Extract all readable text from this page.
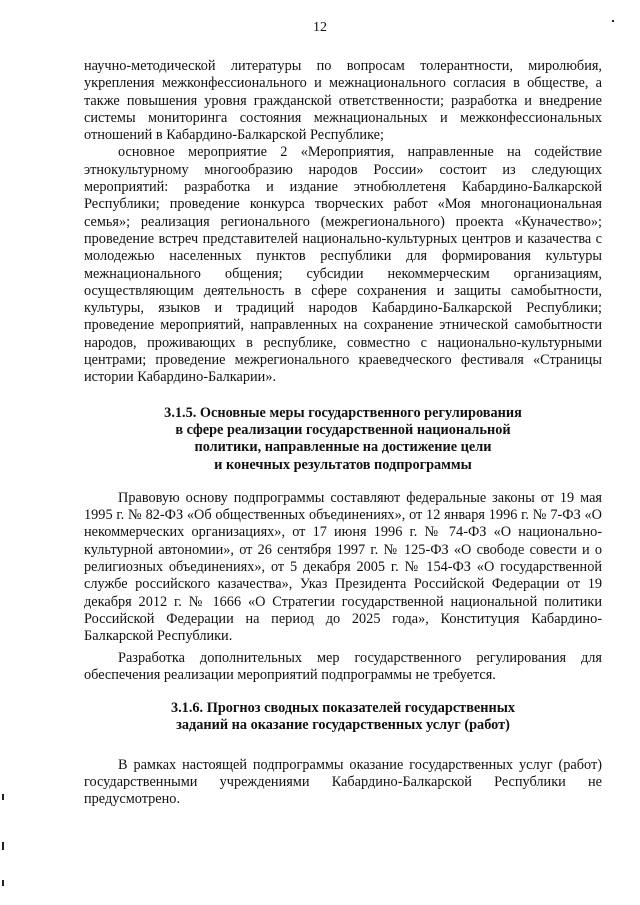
12

научно-методической литературы по вопросам толерантности, миролюбия, укрепления межконфессионального и межнационального согласия в обществе, а также повышения уровня гражданской ответственности; разработка и внедрение системы мониторинга состояния межнациональных и межконфессиональных отношений в Кабардино-Балкарской Республике;

основное мероприятие 2 «Мероприятия, направленные на содействие этнокультурному многообразию народов России» состоит из следующих мероприятий: разработка и издание этнобюллетеня Кабардино-Балкарской Республики; проведение конкурса творческих работ «Моя многонациональная семья»; реализация регионального (межрегионального) проекта «Куначество»; проведение встреч представителей национально-культурных центров и казачества с молодежью населенных пунктов республики для формирования культуры межнационального общения; субсидии некоммерческим организациям, осуществляющим деятельность в сфере сохранения и защиты самобытности, культуры, языков и традиций народов Кабардино-Балкарской Республики; проведение мероприятий, направленных на сохранение этнической самобытности народов, проживающих в республике, совместно с национально-культурными центрами; проведение межрегионального краеведческого фестиваля «Страницы истории Кабардино-Балкарии».

3.1.5. Основные меры государственного регулирования
в сфере реализации государственной национальной
политики, направленные на достижение цели
и конечных результатов подпрограммы

Правовую основу подпрограммы составляют федеральные законы от 19 мая 1995 г. № 82-ФЗ «Об общественных объединениях», от 12 января 1996 г. № 7-ФЗ «О некоммерческих организациях», от 17 июня 1996 г. № 74-ФЗ «О национально-культурной автономии», от 26 сентября 1997 г. № 125-ФЗ «О свободе совести и о религиозных объединениях», от 5 декабря 2005 г. № 154-ФЗ «О государственной службе российского казачества», Указ Президента Российской Федерации от 19 декабря 2012 г. № 1666 «О Стратегии государственной национальной политики Российской Федерации на период до 2025 года», Конституция Кабардино-Балкарской Республики.

Разработка дополнительных мер государственного регулирования для обеспечения реализации мероприятий подпрограммы не требуется.

3.1.6. Прогноз сводных показателей государственных
заданий на оказание государственных услуг (работ)

В рамках настоящей подпрограммы оказание государственных услуг (работ) государственными учреждениями Кабардино-Балкарской Республики не предусмотрено.
